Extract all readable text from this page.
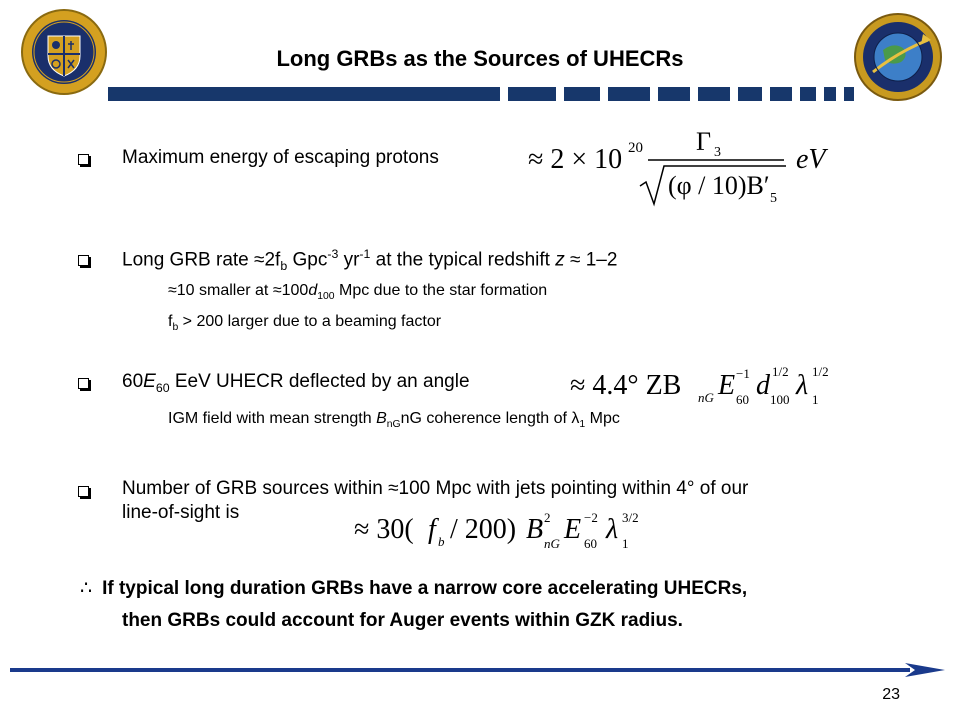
Long GRBs as the Sources of UHECRs
Maximum energy of escaping protons	≈ 2 × 10 20 Γ 3
(φ / 10)B′ 5
eV
Long GRB rate $\approx 2f_b$ Gpc$^{-3}$ $yr^{-1}$ at the typical redshift z ≈ 1–2
≈10 smaller at $\approx 100d_{100}$ Mpc due to the star formation
$f_b > 200$ larger due to a beaming factor
$60E_{60}$ EeV UHECR deflected by an angle	≈ 4.4° ZB nG E −1
60 d 1/2
100 λ 1/2
1
IGM field with mean strength $B_{nG}nG$ coherence length of $\lambda_1$ Mpc
Number of GRB sources within ≈100 Mpc with jets pointing within 4° of our
line-of-sight is
≈ 30( f b / 200) B 2
nG E −2
60 λ 3/2
1
∴ If typical long duration GRBs have a narrow core accelerating UHECRs,
then GRBs could account for Auger events within GZK radius.
23
